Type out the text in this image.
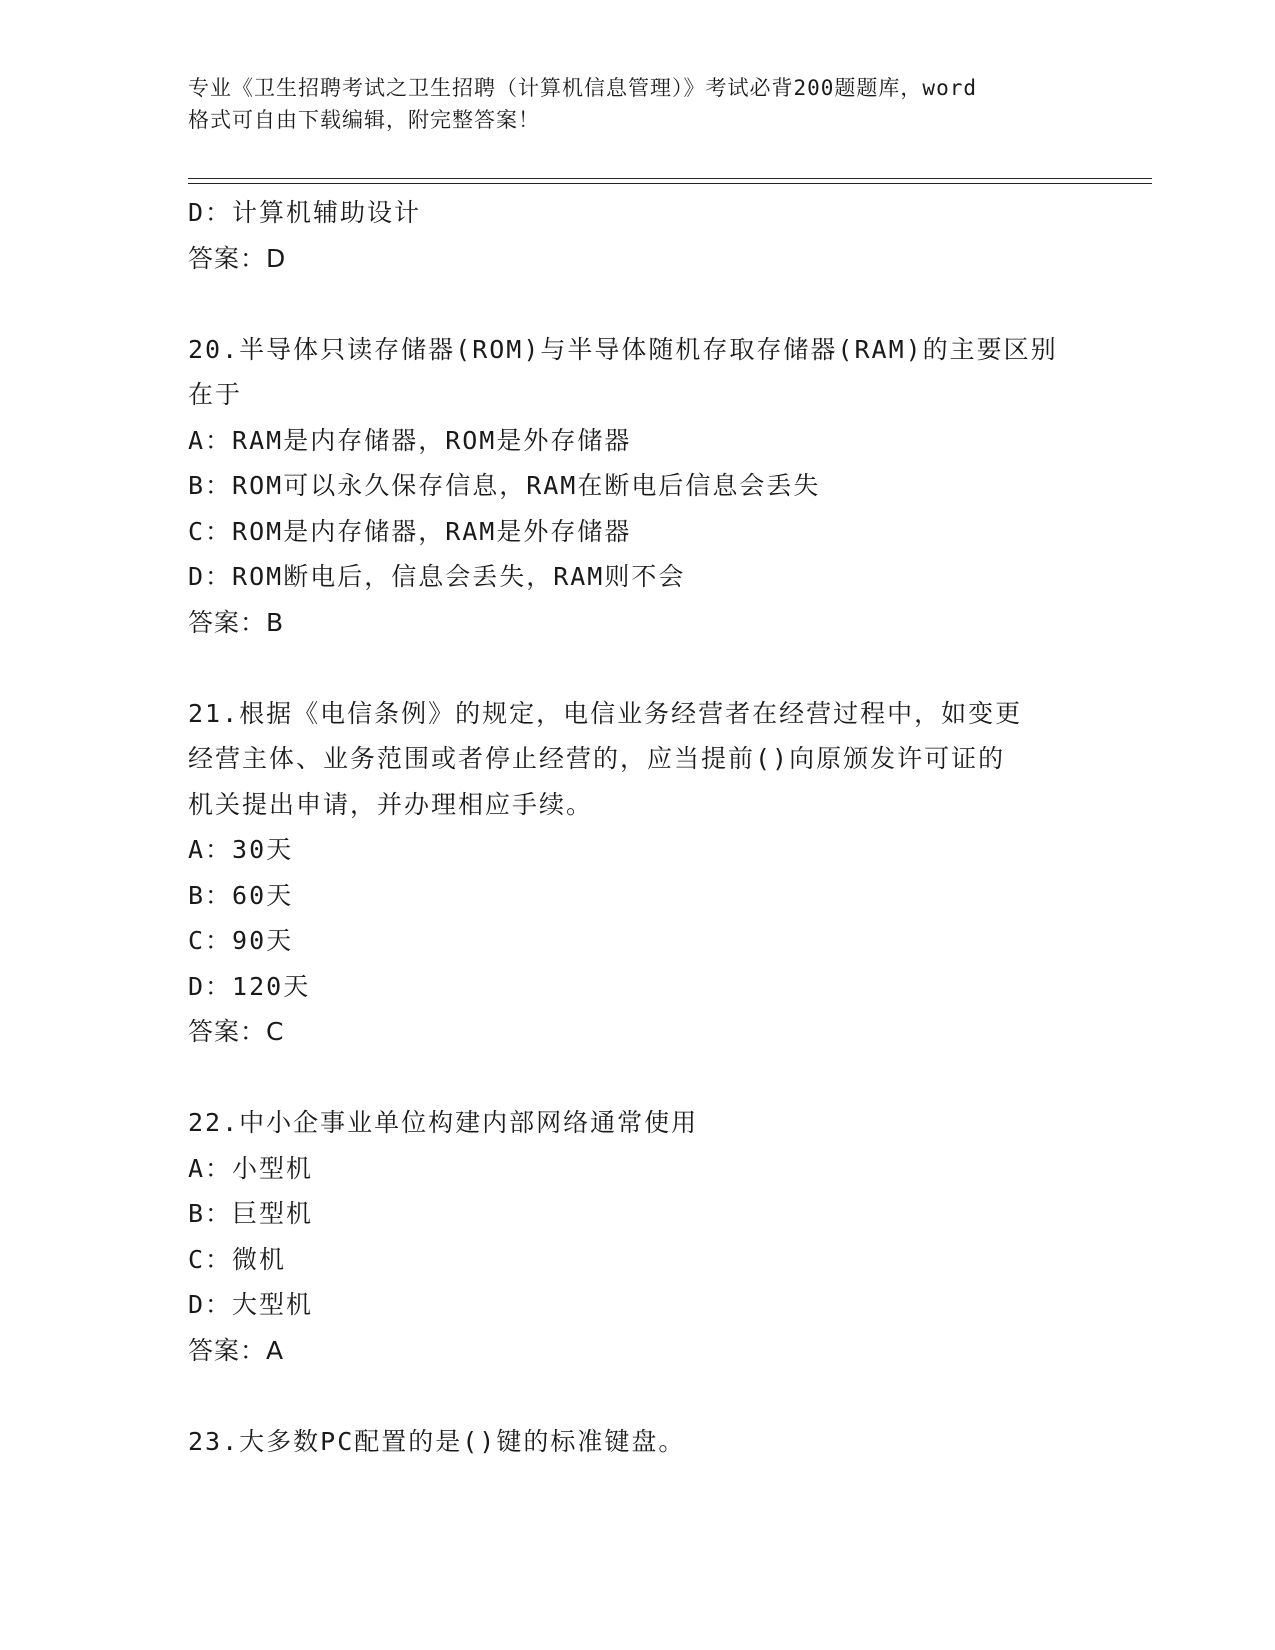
专业《卫生招聘考试之卫生招聘（计算机信息管理）》考试必背200题题库，word
格式可自由下载编辑，附完整答案！
D：计算机辅助设计
答案：D
20.半导体只读存储器(ROM)与半导体随机存取存储器(RAM)的主要区别
在于
A：RAM是内存储器，ROM是外存储器
B：ROM可以永久保存信息，RAM在断电后信息会丢失
C：ROM是内存储器，RAM是外存储器
D：ROM断电后，信息会丢失，RAM则不会
答案：B
21.根据《电信条例》的规定，电信业务经营者在经营过程中，如变更
经营主体、业务范围或者停止经营的，应当提前()向原颁发许可证的
机关提出申请，并办理相应手续。
A：30天
B：60天
C：90天
D：120天
答案：C
22.中小企事业单位构建内部网络通常使用
A：小型机
B：巨型机
C：微机
D：大型机
答案：A
23.大多数PC配置的是()键的标准键盘。
